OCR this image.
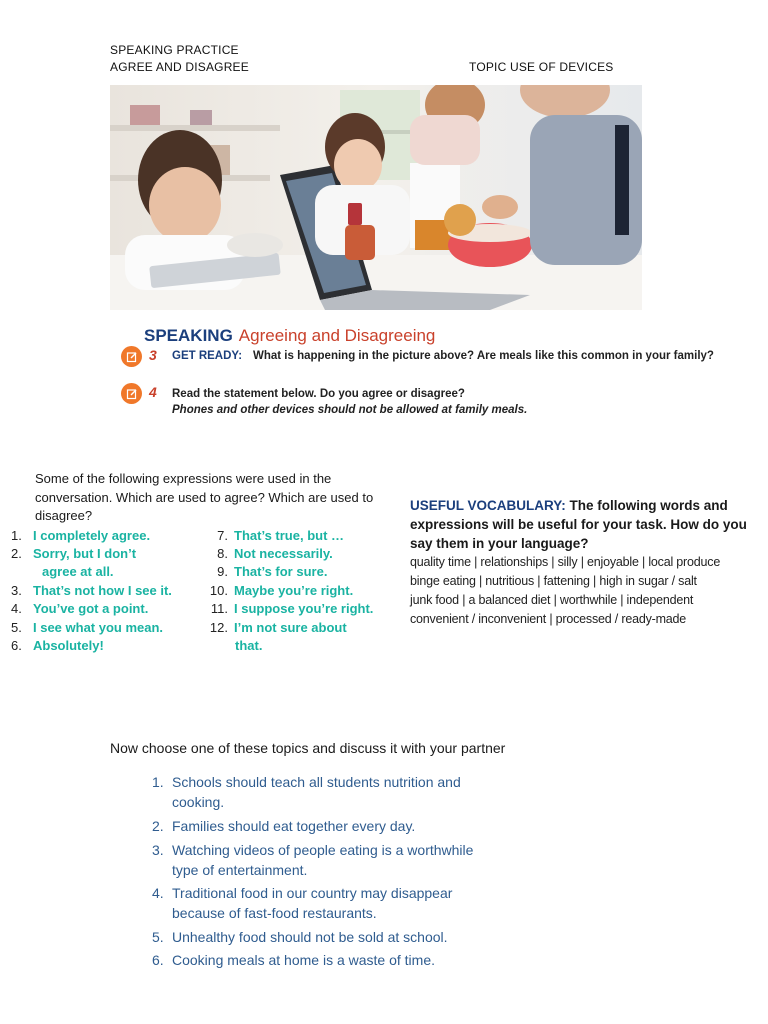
SPEAKING PRACTICE
AGREE AND DISAGREE	TOPIC USE OF DEVICES
SPEAKING Agreeing and Disagreeing
3 GET READY: What is happening in the picture above? Are meals like this common in your family?
4 Read the statement below. Do you agree or disagree?
Phones and other devices should not be allowed at family meals.
Some of the following expressions were used in the conversation. Which are used to agree? Which are used to disagree?
1. I completely agree.
2. Sorry, but I don’t
agree at all.
3. That’s not how I see it.
4. You’ve got a point.
5. I see what you mean.
6. Absolutely!
7. That’s true, but …
8. Not necessarily.
9. That’s for sure.
10. Maybe you’re right.
11. I suppose you’re right.
12. I’m not sure about
that.
USEFUL VOCABULARY: The following words and expressions will be useful for your task. How do you say them in your language?
quality time | relationships | silly | enjoyable | local produce
binge eating | nutritious | fattening | high in sugar / salt
junk food | a balanced diet | worthwhile | independent
convenient / inconvenient | processed / ready-made
Now choose one of these topics and discuss it with your partner
1. Schools should teach all students nutrition and
cooking.
2. Families should eat together every day.
3. Watching videos of people eating is a worthwhile
type of entertainment.
4. Traditional food in our country may disappear
because of fast-food restaurants.
5. Unhealthy food should not be sold at school.
6. Cooking meals at home is a waste of time.
